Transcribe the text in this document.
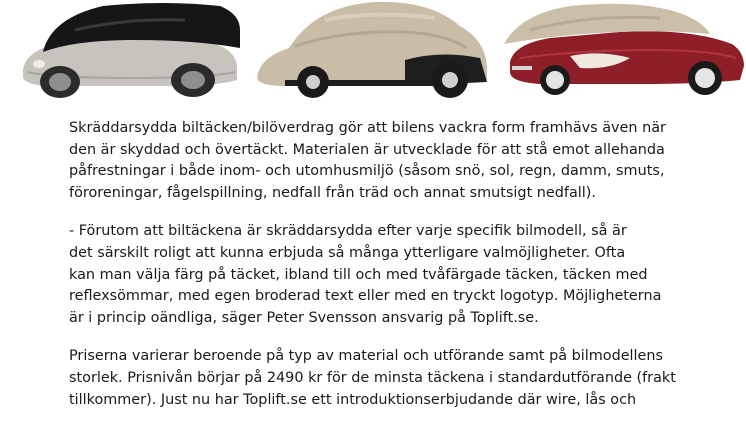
Skräddarsydda biltäcken/bilöverdrag gör att bilens vackra form framhävs även när
den är skyddad och övertäckt. Materialen är utvecklade för att stå emot allehanda
påfrestningar i både inom- och utomhusmiljö (såsom snö, sol, regn, damm, smuts,
föroreningar, fågelspillning, nedfall från träd och annat smutsigt nedfall).

- Förutom att biltäckena är skräddarsydda efter varje specifik bilmodell, så är
det särskilt roligt att kunna erbjuda så många ytterligare valmöjligheter. Ofta
kan man välja färg på täcket, ibland till och med tvåfärgade täcken, täcken med
reflexsömmar, med egen broderad text eller med en tryckt logotyp. Möjligheterna
är i princip oändliga, säger Peter Svensson ansvarig på Toplift.se.

Priserna varierar beroende på typ av material och utförande samt på bilmodellens
storlek. Prisnivån börjar på 2490 kr för de minsta täckena i standardutförande (frakt
tillkommer). Just nu har Toplift.se ett introduktionserbjudande där wire, lås och
